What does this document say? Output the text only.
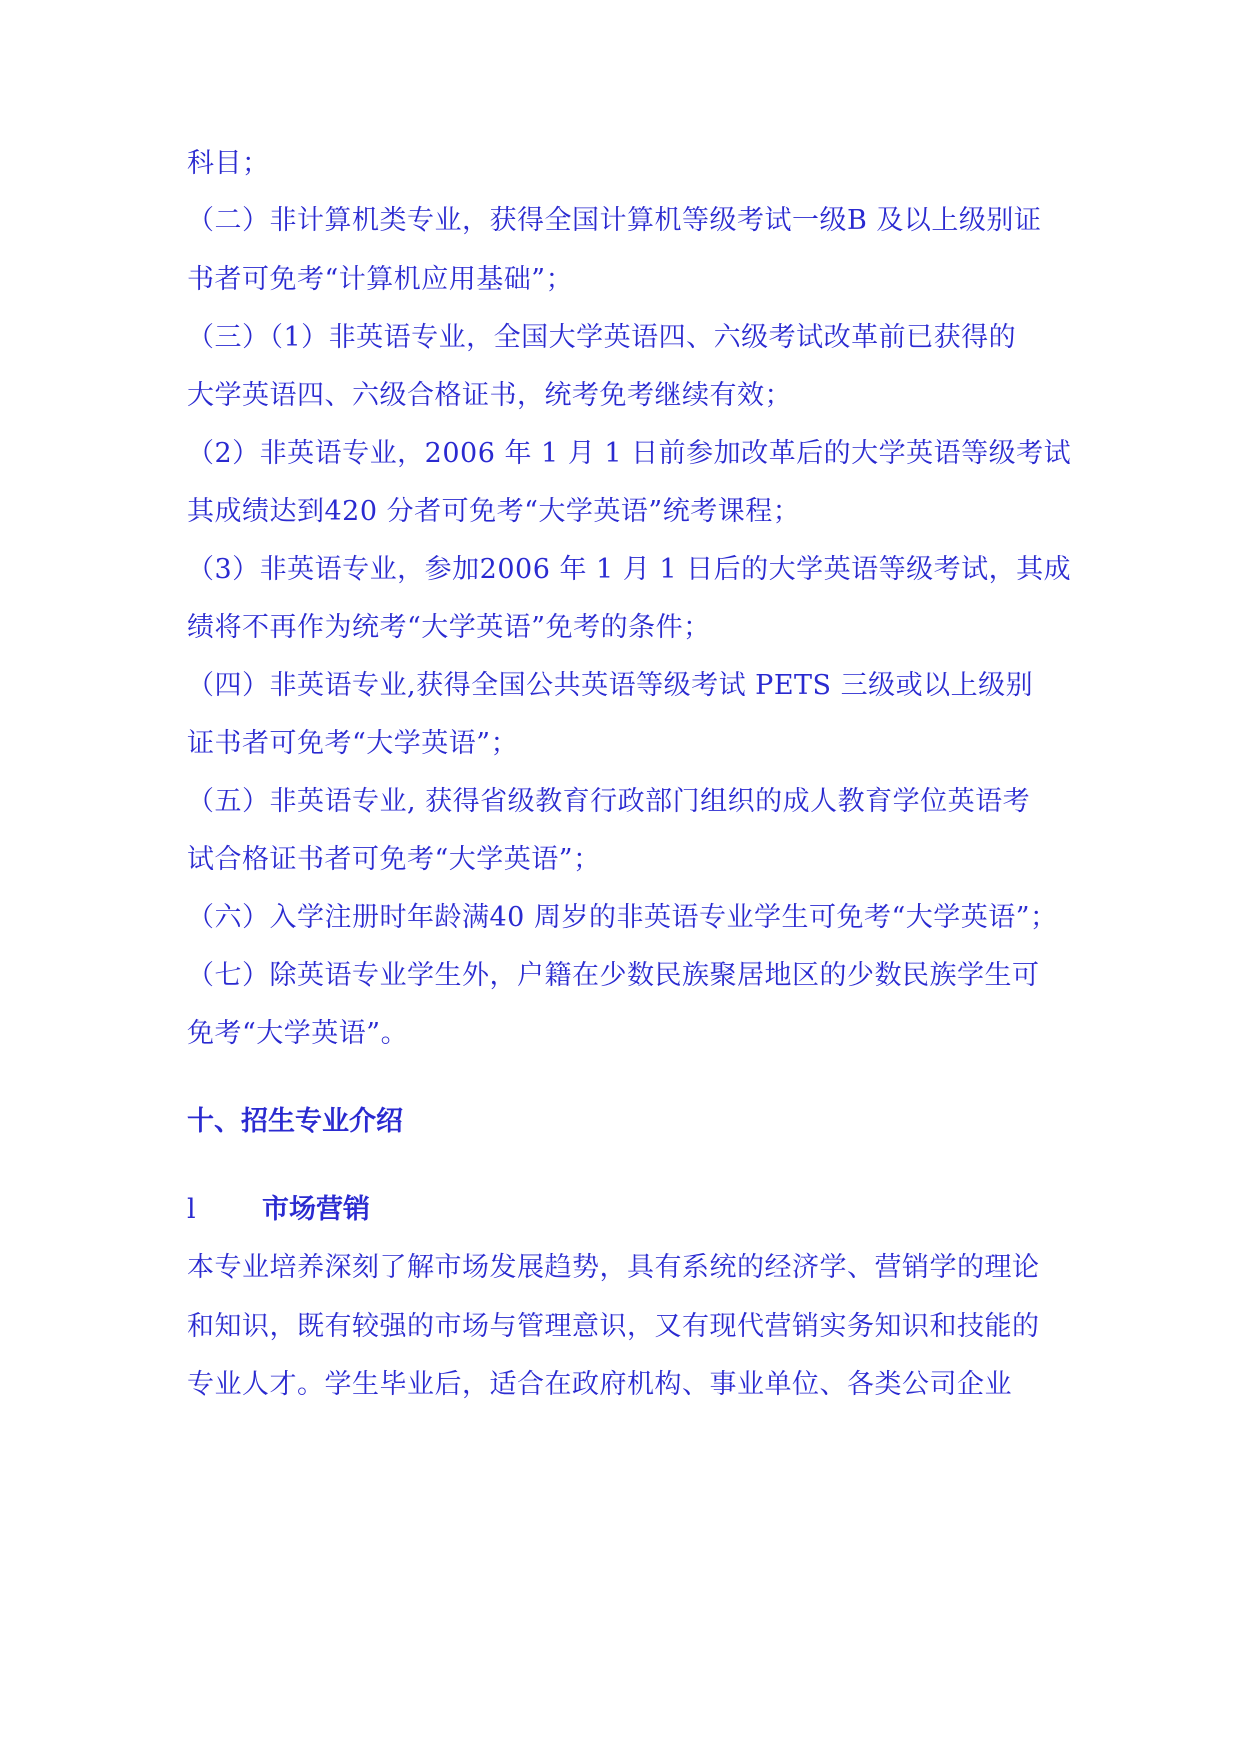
科目；
（二）非计算机类专业，获得全国计算机等级考试一级B 及以上级别证
书者可免考“计算机应用基础”；
（三）（1）非英语专业，全国大学英语四、六级考试改革前已获得的
大学英语四、六级合格证书，统考免考继续有效；
（2）非英语专业，2006 年 1 月 1 日前参加改革后的大学英语等级考试
其成绩达到420 分者可免考“大学英语”统考课程；
（3）非英语专业，参加2006 年 1 月 1 日后的大学英语等级考试，其成
绩将不再作为统考“大学英语”免考的条件；
（四）非英语专业,获得全国公共英语等级考试 PETS 三级或以上级别
证书者可免考“大学英语”；
（五）非英语专业, 获得省级教育行政部门组织的成人教育学位英语考
试合格证书者可免考“大学英语”；
（六）入学注册时年龄满40 周岁的非英语专业学生可免考“大学英语”；
（七）除英语专业学生外，户籍在少数民族聚居地区的少数民族学生可
免考“大学英语”。
十、招生专业介绍
l 市场营销
本专业培养深刻了解市场发展趋势，具有系统的经济学、营销学的理论
和知识，既有较强的市场与管理意识，又有现代营销实务知识和技能的
专业人才。学生毕业后，适合在政府机构、事业单位、各类公司企业
